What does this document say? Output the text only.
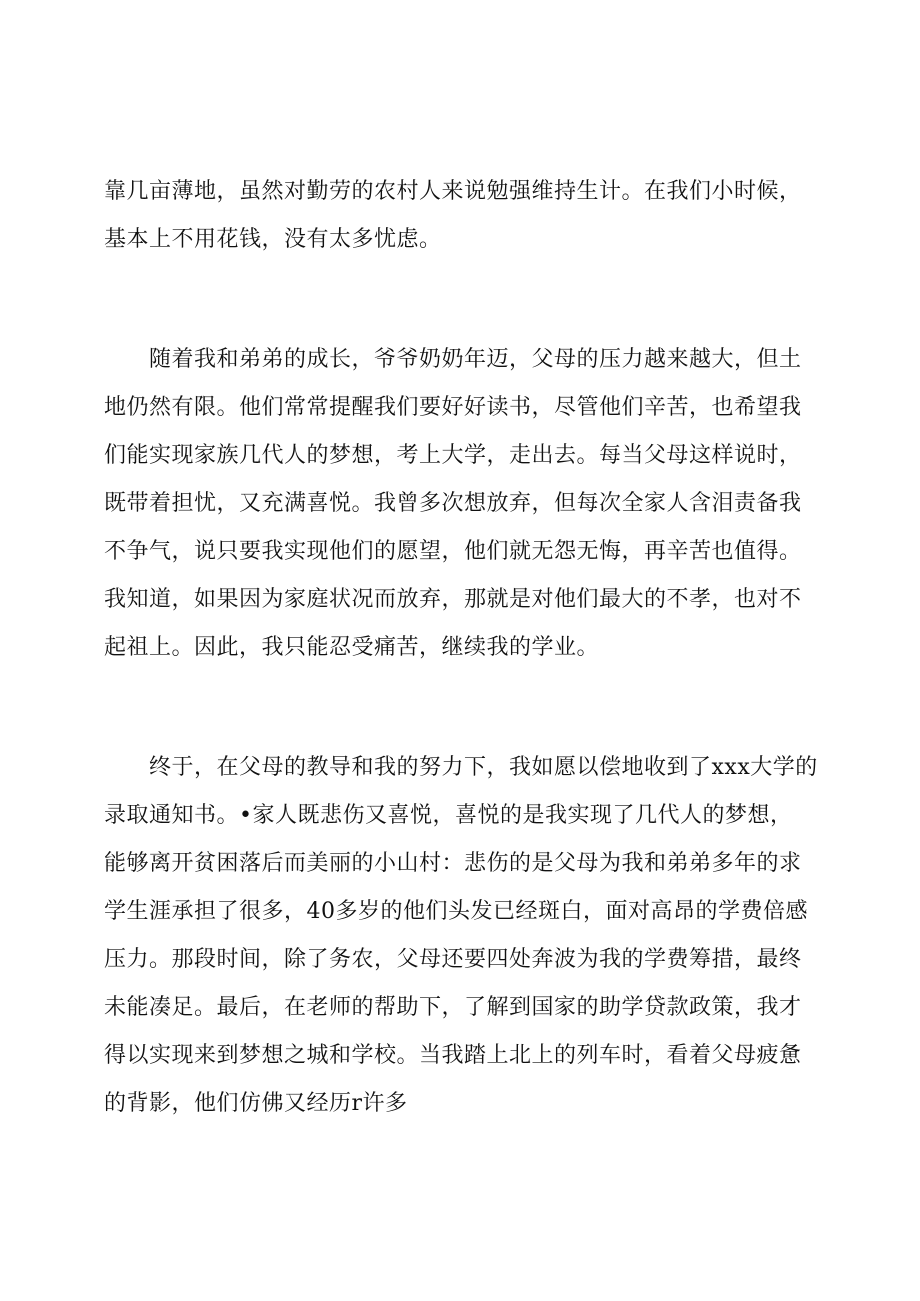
靠几亩薄地，虽然对勤劳的农村人来说勉强维持生计。在我们小时候，
基本上不用花钱，没有太多忧虑。
随着我和弟弟的成长，爷爷奶奶年迈，父母的压力越来越大，但土
地仍然有限。他们常常提醒我们要好好读书，尽管他们辛苦，也希望我
们能实现家族几代人的梦想，考上大学，走出去。每当父母这样说时，
既带着担忧，又充满喜悦。我曾多次想放弃，但每次全家人含泪责备我
不争气，说只要我实现他们的愿望，他们就无怨无悔，再辛苦也值得。
我知道，如果因为家庭状况而放弃，那就是对他们最大的不孝，也对不
起祖上。因此，我只能忍受痛苦，继续我的学业。
终于，在父母的教导和我的努力下，我如愿以偿地收到了xxx大学的
录取通知书。•家人既悲伤又喜悦，喜悦的是我实现了几代人的梦想，
能够离开贫困落后而美丽的小山村：悲伤的是父母为我和弟弟多年的求
学生涯承担了很多，40多岁的他们头发已经斑白，面对高昂的学费倍感
压力。那段时间，除了务农，父母还要四处奔波为我的学费筹措，最终
未能凑足。最后，在老师的帮助下，了解到国家的助学贷款政策，我才
得以实现来到梦想之城和学校。当我踏上北上的列车时，看着父母疲惫
的背影，他们仿佛又经历r许多
